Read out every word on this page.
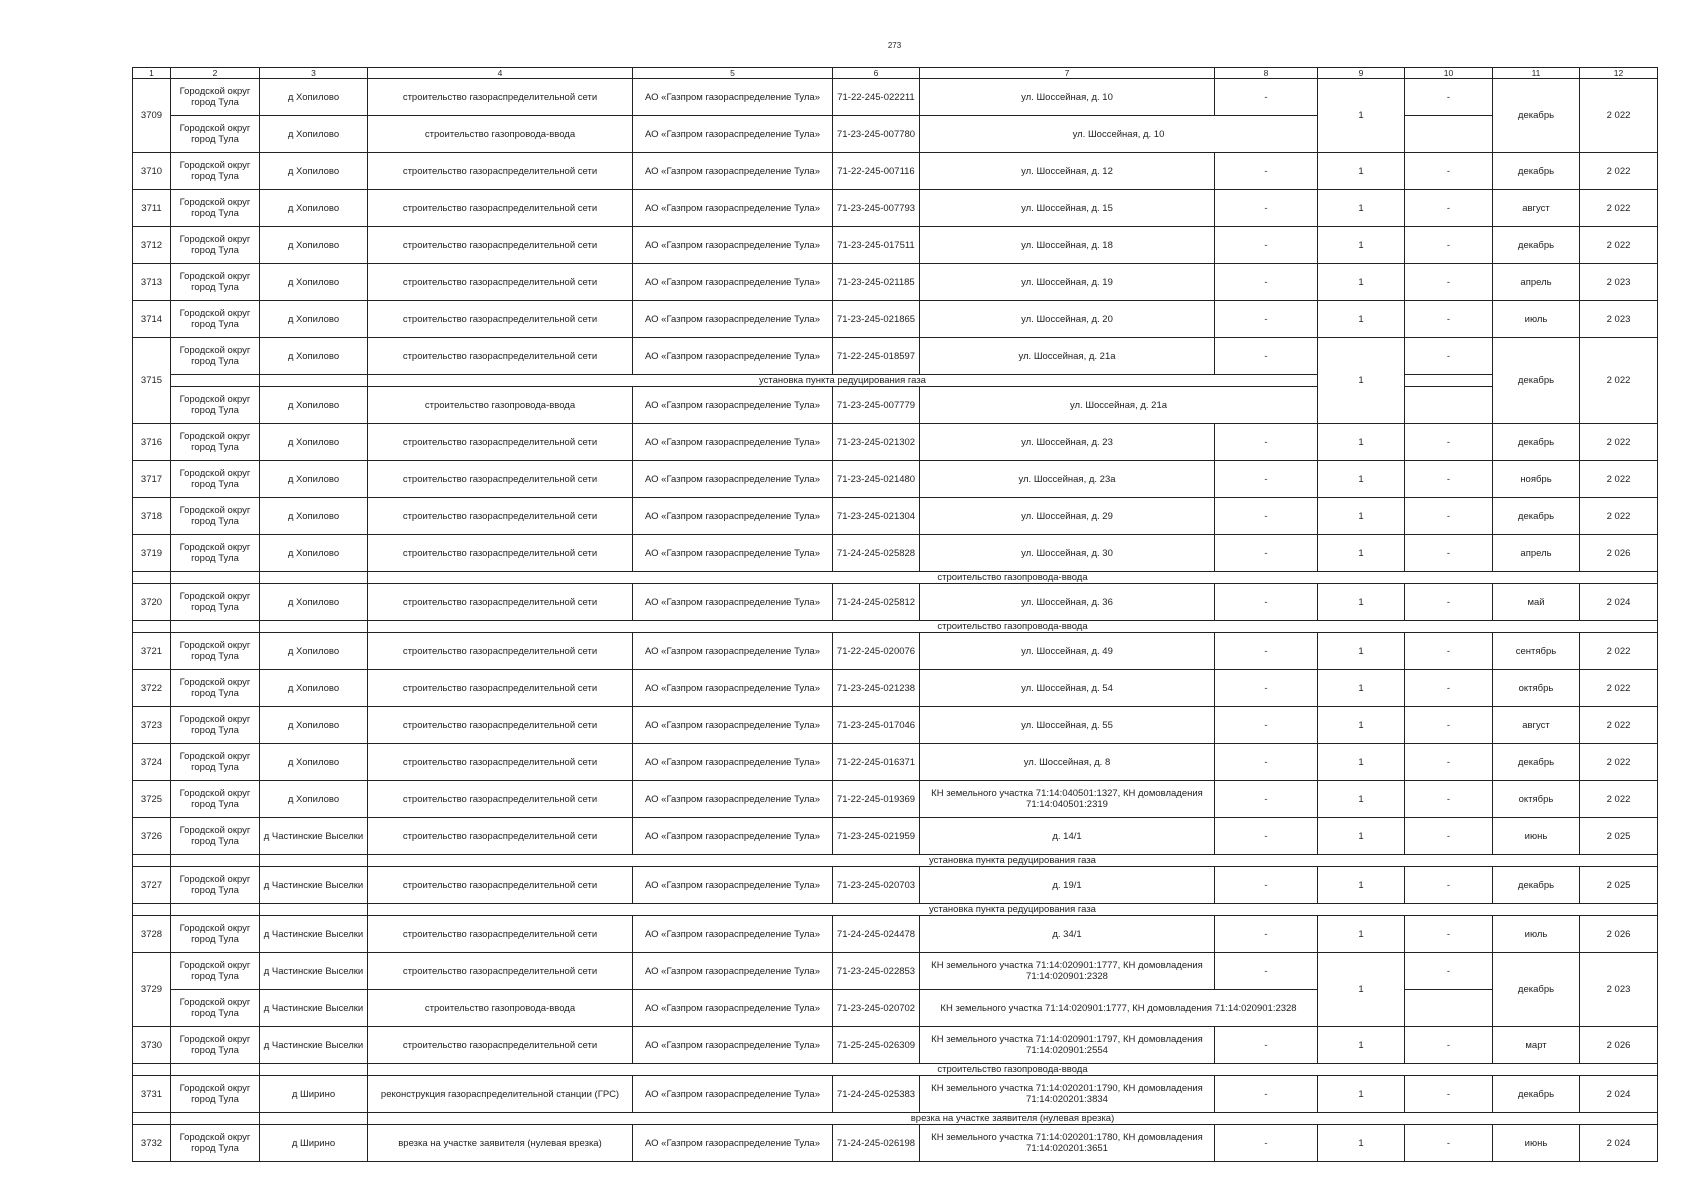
273
1	2	3	4	5	6	7	8	9	10	11	12
3709	Городской округ город Тула	д Хопилово	строительство газораспределительной сети	АО «Газпром газораспределение Тула»	71-22-245-022211	ул. Шоссейная, д. 10	-	1	-	декабрь	2 022
	Городской округ город Тула	д Хопилово	строительство газопровода-ввода	АО «Газпром газораспределение Тула»	71-23-245-007780	ул. Шоссейная, д. 10					
3710	Городской округ город Тула	д Хопилово	строительство газораспределительной сети	АО «Газпром газораспределение Тула»	71-22-245-007116	ул. Шоссейная, д. 12	-	1	-	декабрь	2 022
3711	Городской округ город Тула	д Хопилово	строительство газораспределительной сети	АО «Газпром газораспределение Тула»	71-23-245-007793	ул. Шоссейная, д. 15	-	1	-	август	2 022
3712	Городской округ город Тула	д Хопилово	строительство газораспределительной сети	АО «Газпром газораспределение Тула»	71-23-245-017511	ул. Шоссейная, д. 18	-	1	-	декабрь	2 022
3713	Городской округ город Тула	д Хопилово	строительство газораспределительной сети	АО «Газпром газораспределение Тула»	71-23-245-021185	ул. Шоссейная, д. 19	-	1	-	апрель	2 023
3714	Городской округ город Тула	д Хопилово	строительство газораспределительной сети	АО «Газпром газораспределение Тула»	71-23-245-021865	ул. Шоссейная, д. 20	-	1	-	июль	2 023
3715	Городской округ город Тула	д Хопилово	строительство газораспределительной сети	АО «Газпром газораспределение Тула»	71-22-245-018597	ул. Шоссейная, д. 21а	-	1	-	декабрь	2 022
			установка пункта редуцирования газа								
	Городской округ город Тула	д Хопилово	строительство газопровода-ввода	АО «Газпром газораспределение Тула»	71-23-245-007779	ул. Шоссейная, д. 21а					
3716	Городской округ город Тула	д Хопилово	строительство газораспределительной сети	АО «Газпром газораспределение Тула»	71-23-245-021302	ул. Шоссейная, д. 23	-	1	-	декабрь	2 022
3717	Городской округ город Тула	д Хопилово	строительство газораспределительной сети	АО «Газпром газораспределение Тула»	71-23-245-021480	ул. Шоссейная, д. 23а	-	1	-	ноябрь	2 022
3718	Городской округ город Тула	д Хопилово	строительство газораспределительной сети	АО «Газпром газораспределение Тула»	71-23-245-021304	ул. Шоссейная, д. 29	-	1	-	декабрь	2 022
3719	Городской округ город Тула	д Хопилово	строительство газораспределительной сети	АО «Газпром газораспределение Тула»	71-24-245-025828	ул. Шоссейная, д. 30	-	1	-	апрель	2 026
			строительство газопровода-ввода								
3720	Городской округ город Тула	д Хопилово	строительство газораспределительной сети	АО «Газпром газораспределение Тула»	71-24-245-025812	ул. Шоссейная, д. 36	-	1	-	май	2 024
			строительство газопровода-ввода								
3721	Городской округ город Тула	д Хопилово	строительство газораспределительной сети	АО «Газпром газораспределение Тула»	71-22-245-020076	ул. Шоссейная, д. 49	-	1	-	сентябрь	2 022
3722	Городской округ город Тула	д Хопилово	строительство газораспределительной сети	АО «Газпром газораспределение Тула»	71-23-245-021238	ул. Шоссейная, д. 54	-	1	-	октябрь	2 022
3723	Городской округ город Тула	д Хопилово	строительство газораспределительной сети	АО «Газпром газораспределение Тула»	71-23-245-017046	ул. Шоссейная, д. 55	-	1	-	август	2 022
3724	Городской округ город Тула	д Хопилово	строительство газораспределительной сети	АО «Газпром газораспределение Тула»	71-22-245-016371	ул. Шоссейная, д. 8	-	1	-	декабрь	2 022
3725	Городской округ город Тула	д Хопилово	строительство газораспределительной сети	АО «Газпром газораспределение Тула»	71-22-245-019369	КН земельного участка 71:14:040501:1327, КН домовладения 71:14:040501:2319	-	1	-	октябрь	2 022
3726	Городской округ город Тула	д Частинские Выселки	строительство газораспределительной сети	АО «Газпром газораспределение Тула»	71-23-245-021959	д. 14/1	-	1	-	июнь	2 025
			установка пункта редуцирования газа								
3727	Городской округ город Тула	д Частинские Выселки	строительство газораспределительной сети	АО «Газпром газораспределение Тула»	71-23-245-020703	д. 19/1	-	1	-	декабрь	2 025
			установка пункта редуцирования газа								
3728	Городской округ город Тула	д Частинские Выселки	строительство газораспределительной сети	АО «Газпром газораспределение Тула»	71-24-245-024478	д. 34/1	-	1	-	июль	2 026
3729	Городской округ город Тула	д Частинские Выселки	строительство газораспределительной сети	АО «Газпром газораспределение Тула»	71-23-245-022853	КН земельного участка 71:14:020901:1777, КН домовладения 71:14:020901:2328	-	1	-	декабрь	2 023
	Городской округ город Тула	д Частинские Выселки	строительство газопровода-ввода	АО «Газпром газораспределение Тула»	71-23-245-020702	КН земельного участка 71:14:020901:1777, КН домовладения 71:14:020901:2328					
3730	Городской округ город Тула	д Частинские Выселки	строительство газораспределительной сети	АО «Газпром газораспределение Тула»	71-25-245-026309	КН земельного участка 71:14:020901:1797, КН домовладения 71:14:020901:2554	-	1	-	март	2 026
			строительство газопровода-ввода								
3731	Городской округ город Тула	д Ширино	реконструкция газораспределительной станции (ГРС)	АО «Газпром газораспределение Тула»	71-24-245-025383	КН земельного участка 71:14:020201:1790, КН домовладения 71:14:020201:3834	-	1	-	декабрь	2 024
			врезка на участке заявителя (нулевая врезка)								
3732	Городской округ город Тула	д Ширино	врезка на участке заявителя (нулевая врезка)	АО «Газпром газораспределение Тула»	71-24-245-026198	КН земельного участка 71:14:020201:1780, КН домовладения 71:14:020201:3651	-	1	-	июнь	2 024
